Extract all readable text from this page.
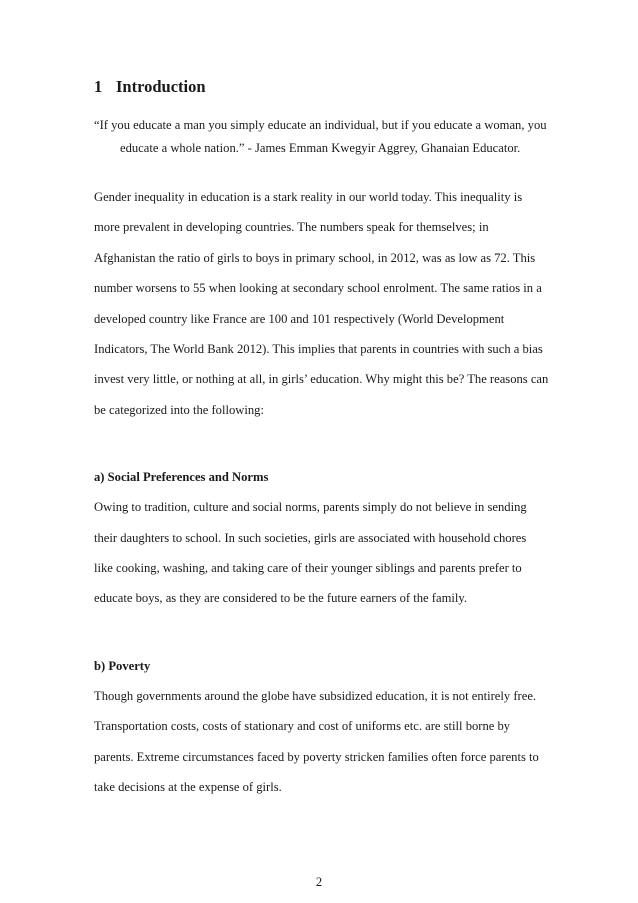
1 Introduction

“If you educate a man you simply educate an individual, but if you educate a woman, you
educate a whole nation.” - James Emman Kwegyir Aggrey, Ghanaian Educator.

Gender inequality in education is a stark reality in our world today. This inequality is
more prevalent in developing countries. The numbers speak for themselves; in
Afghanistan the ratio of girls to boys in primary school, in 2012, was as low as 72. This
number worsens to 55 when looking at secondary school enrolment. The same ratios in a
developed country like France are 100 and 101 respectively (World Development
Indicators, The World Bank 2012). This implies that parents in countries with such a bias
invest very little, or nothing at all, in girls’ education. Why might this be? The reasons can
be categorized into the following:

a) Social Preferences and Norms

Owing to tradition, culture and social norms, parents simply do not believe in sending
their daughters to school. In such societies, girls are associated with household chores
like cooking, washing, and taking care of their younger siblings and parents prefer to
educate boys, as they are considered to be the future earners of the family.

b) Poverty

Though governments around the globe have subsidized education, it is not entirely free.
Transportation costs, costs of stationary and cost of uniforms etc. are still borne by
parents. Extreme circumstances faced by poverty stricken families often force parents to
take decisions at the expense of girls.

2
